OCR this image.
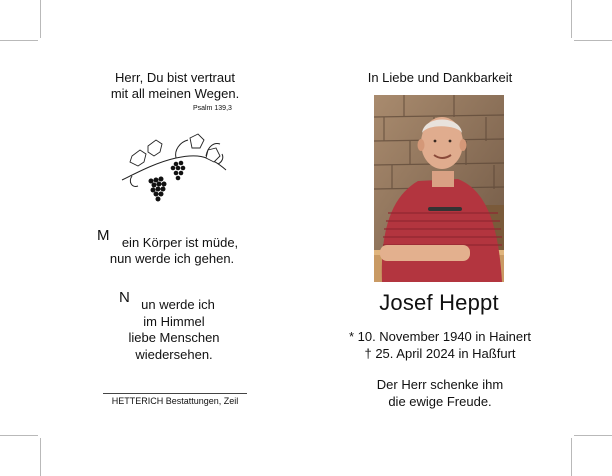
Herr, Du bist vertraut
mit all meinen Wegen.
Psalm 139,3
M ein Körper ist müde,
nun werde ich gehen.
N un werde ich
im Himmel
liebe Menschen
wiedersehen.
HETTERICH Bestattungen, Zeil
In Liebe und Dankbarkeit
Josef Heppt
* 10. November 1940 in Hainert
† 25. April 2024 in Haßfurt
Der Herr schenke ihm
die ewige Freude.
